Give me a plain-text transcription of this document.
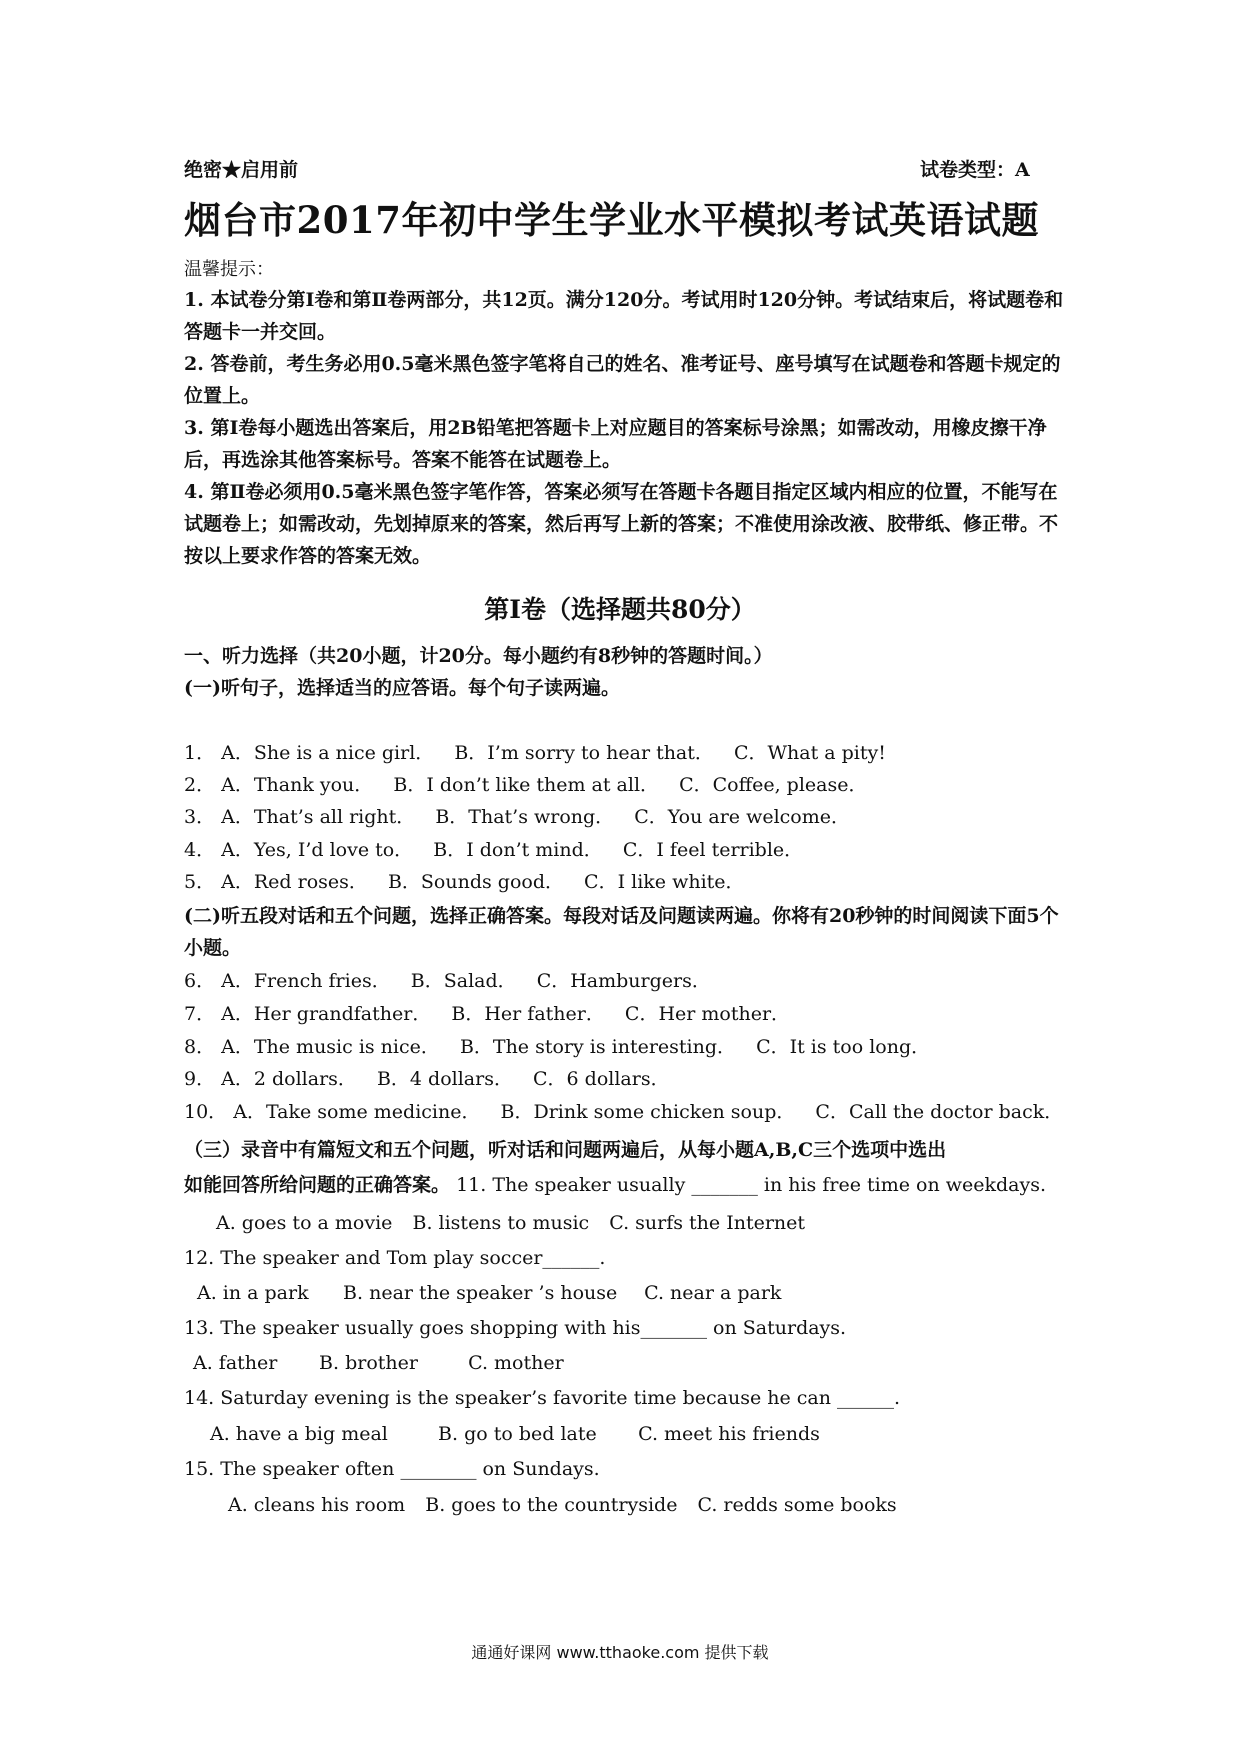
绝密★启用前	试卷类型：A
烟台市2017年初中学生学业水平模拟考试英语试题
温馨提示：

1. 本试卷分第Ⅰ卷和第Ⅱ卷两部分，共12页。满分120分。考试用时120分钟。考试结束后，将试题卷和答题卡一并交回。

2. 答卷前，考生务必用0.5毫米黑色签字笔将自己的姓名、准考证号、座号填写在试题卷和答题卡规定的位置上。

3. 第Ⅰ卷每小题选出答案后，用2B铅笔把答题卡上对应题目的答案标号涂黑；如需改动，用橡皮擦干净后，再选涂其他答案标号。答案不能答在试题卷上。

4. 第Ⅱ卷必须用0.5毫米黑色签字笔作答，答案必须写在答题卡各题目指定区域内相应的位置，不能写在试题卷上；如需改动，先划掉原来的答案，然后再写上新的答案；不准使用涂改液、胶带纸、修正带。不按以上要求作答的答案无效。

第Ⅰ卷（选择题共80分）
一、听力选择（共20小题，计20分。每小题约有8秒钟的答题时间。）
(一)听句子，选择适当的应答语。每个句子读两遍。
1． A．She is a nice girl． B．I’m sorry to hear that． C．What a pity!
2． A．Thank you． B．I don’t like them at all． C．Coffee, please．
3． A．That’s all right． B．That’s wrong． C．You are welcome．
4． A．Yes, I’d love to． B．I don’t mind． C．I feel terrible．
5． A．Red roses． B．Sounds good． C．I like white．
(二)听五段对话和五个问题，选择正确答案。每段对话及问题读两遍。你将有20秒钟的时间阅读下面5个小题。
6． A．French fries． B．Salad． C．Hamburgers．
7． A．Her grandfather． B．Her father． C．Her mother．
8． A．The music is nice． B．The story is interesting． C．It is too long．
9． A．2 dollars． B．4 dollars． C．6 dollars．
10． A．Take some medicine． B．Drink some chicken soup． C．Call the doctor back．
（三）录音中有篇短文和五个问题，听对话和问题两遍后，从每小题A,B,C三个选项中选出
如能回答所给问题的正确答案。 11. The speaker usually _______ in his free time on weekdays.
A. goes to a movie B. listens to music C. surfs the Internet
12. The speaker and Tom play soccer______.
A. in a park B. near the speaker ’s house C. near a park
13. The speaker usually goes shopping with his_______ on Saturdays.
A. father B. brother	C. mother
14. Saturday evening is the speaker’s favorite time because he can ______.
A. have a big meal	B. go to bed late C. meet his friends
15. The speaker often ________ on Sundays.
A. cleans his room B. goes to the countryside C. redds some books
通通好课网 www.tthaoke.com 提供下载
